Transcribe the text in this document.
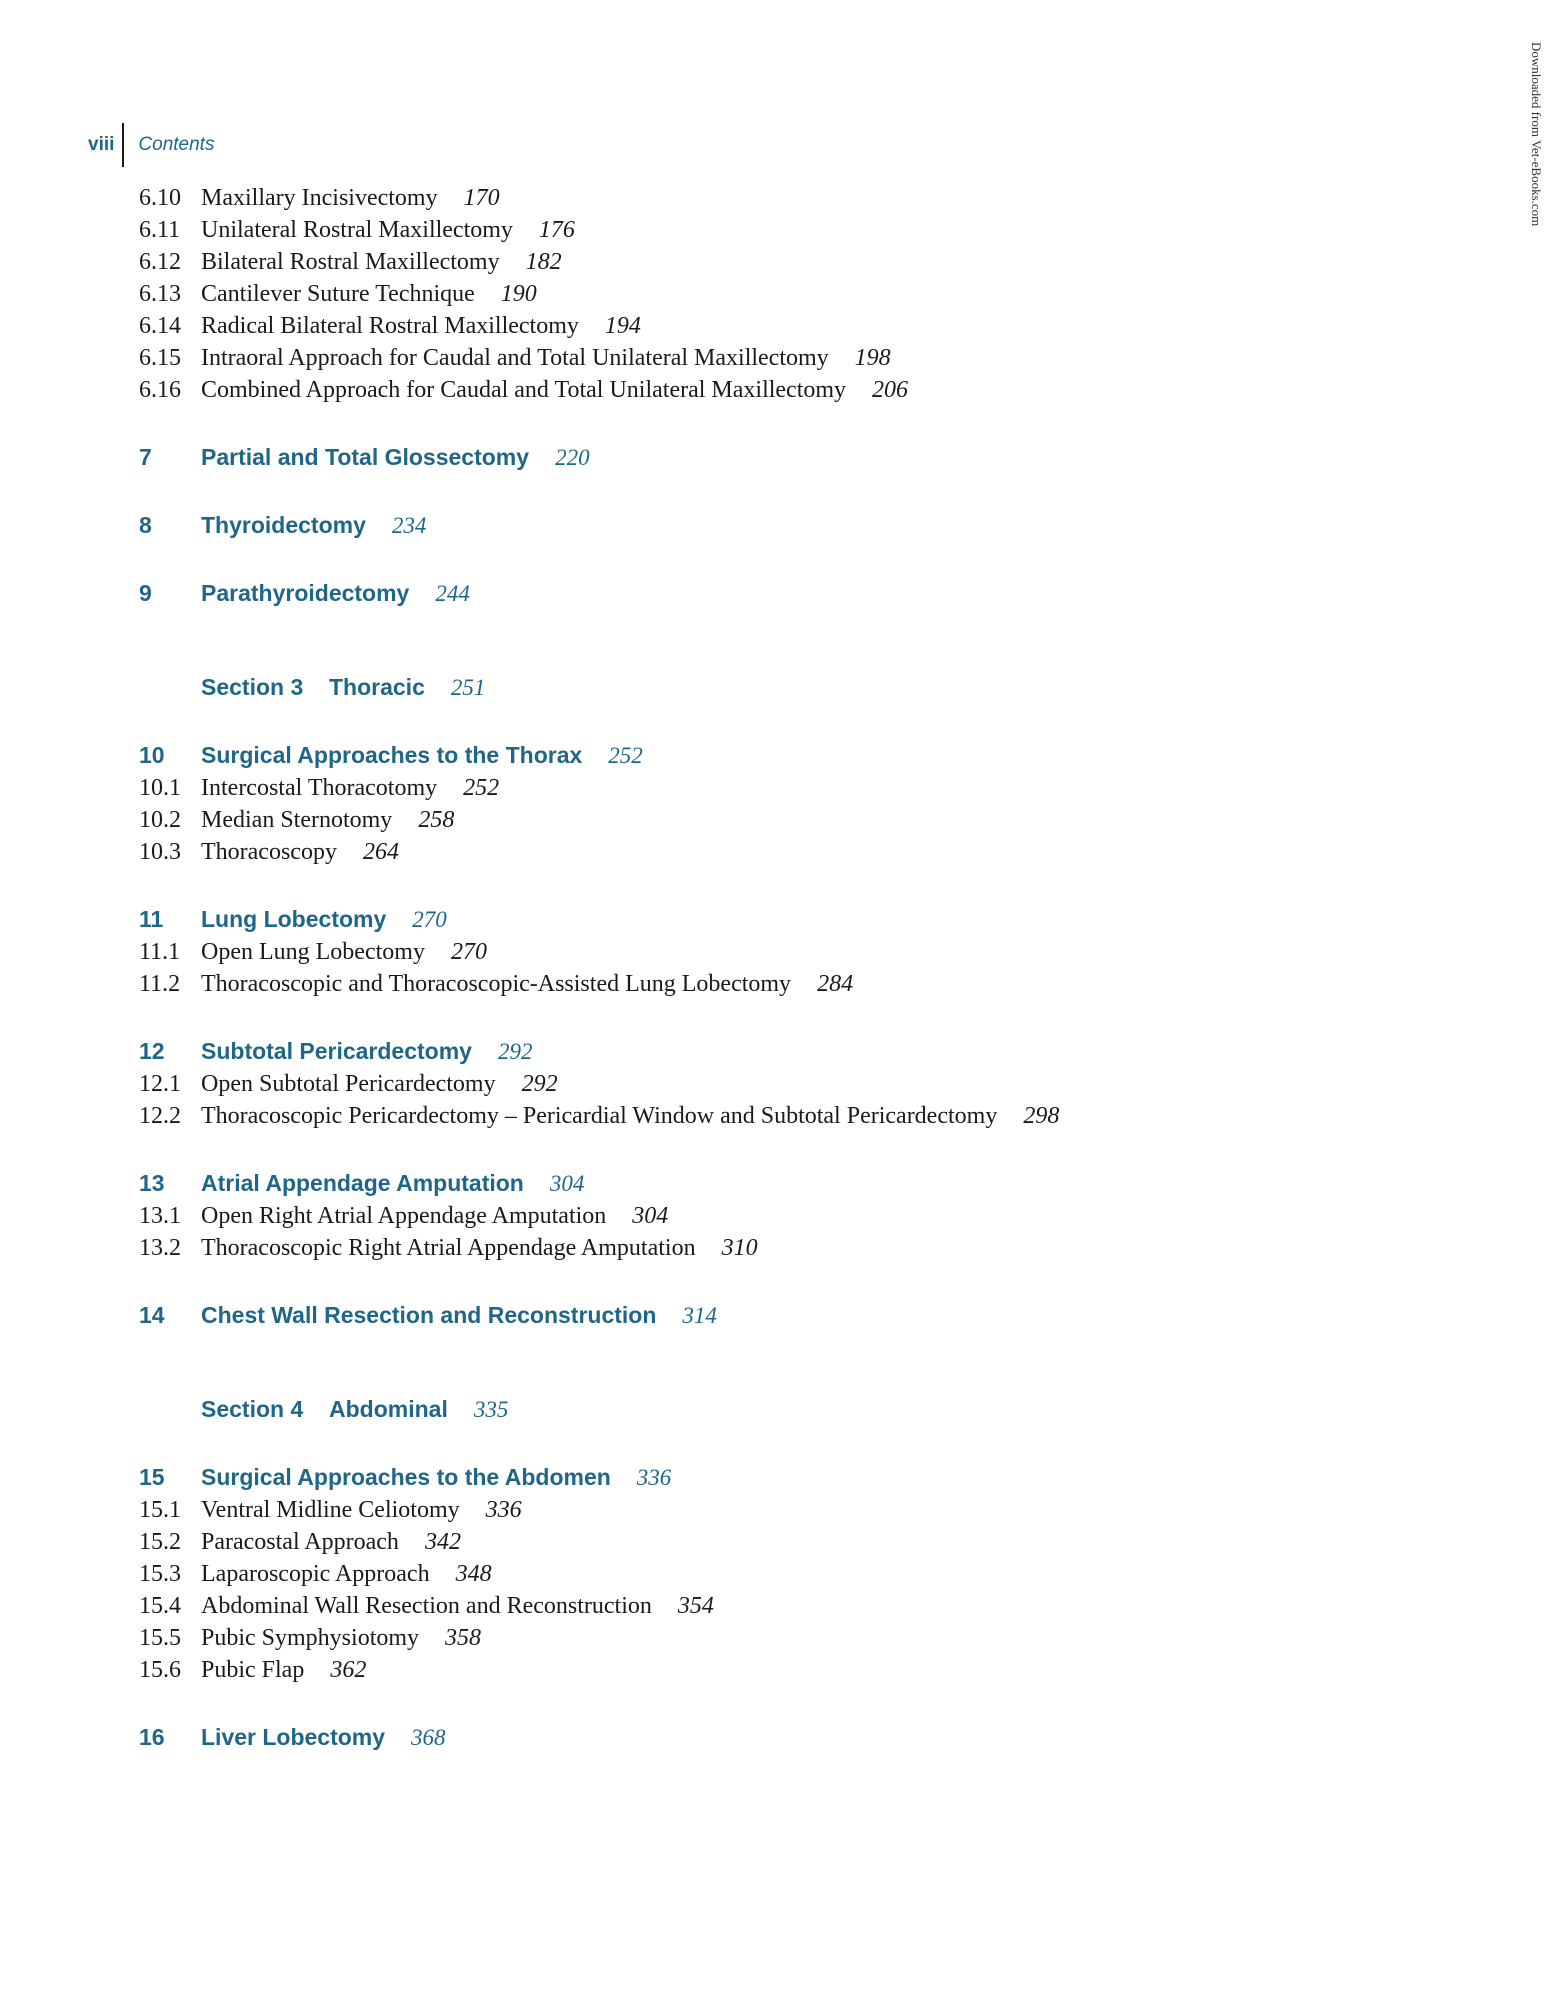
viii	Contents	Downloaded from Vet-eBooks.com
6.10 Maxillary Incisivectomy 170
6.11 Unilateral Rostral Maxillectomy 176
6.12 Bilateral Rostral Maxillectomy 182
6.13 Cantilever Suture Technique 190
6.14 Radical Bilateral Rostral Maxillectomy 194
6.15 Intraoral Approach for Caudal and Total Unilateral Maxillectomy 198
6.16 Combined Approach for Caudal and Total Unilateral Maxillectomy 206
7 Partial and Total Glossectomy 220
8 Thyroidectomy 234
9 Parathyroidectomy 244
Section 3 Thoracic 251
10 Surgical Approaches to the Thorax 252
10.1 Intercostal Thoracotomy 252
10.2 Median Sternotomy 258
10.3 Thoracoscopy 264
11 Lung Lobectomy 270
11.1 Open Lung Lobectomy 270
11.2 Thoracoscopic and Thoracoscopic-Assisted Lung Lobectomy 284
12 Subtotal Pericardectomy 292
12.1 Open Subtotal Pericardectomy 292
12.2 Thoracoscopic Pericardectomy – Pericardial Window and Subtotal Pericardectomy 298
13 Atrial Appendage Amputation 304
13.1 Open Right Atrial Appendage Amputation 304
13.2 Thoracoscopic Right Atrial Appendage Amputation 310
14 Chest Wall Resection and Reconstruction 314
Section 4 Abdominal 335
15 Surgical Approaches to the Abdomen 336
15.1 Ventral Midline Celiotomy 336
15.2 Paracostal Approach 342
15.3 Laparoscopic Approach 348
15.4 Abdominal Wall Resection and Reconstruction 354
15.5 Pubic Symphysiotomy 358
15.6 Pubic Flap 362
16 Liver Lobectomy 368
